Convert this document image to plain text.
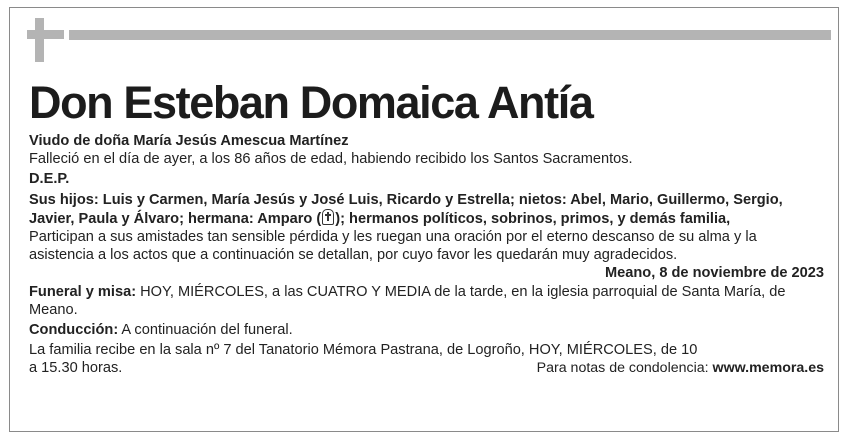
Don Esteban Domaica Antía

Viudo de doña María Jesús Amescua Martínez

Falleció en el día de ayer, a los 86 años de edad, habiendo recibido los Santos Sacramentos.

D.E.P.

Sus hijos: Luis y Carmen, María Jesús y José Luis, Ricardo y Estrella; nietos: Abel, Mario, Guillermo, Sergio, Javier, Paula y Álvaro; hermana: Amparo ( ); hermanos políticos, sobrinos, primos, y demás familia,

Participan a sus amistades tan sensible pérdida y les ruegan una oración por el eterno descanso de su alma y la asistencia a los actos que a continuación se detallan, por cuyo favor les quedarán muy agradecidos.

Meano, 8 de noviembre de 2023

Funeral y misa: HOY, MIÉRCOLES, a las CUATRO Y MEDIA de la tarde, en la iglesia parroquial de Santa María, de Meano.

Conducción: A continuación del funeral.

La familia recibe en la sala nº 7 del Tanatorio Mémora Pastrana, de Logroño, HOY, MIÉRCOLES, de 10

a 15.30 horas.	Para notas de condolencia: www.memora.es
